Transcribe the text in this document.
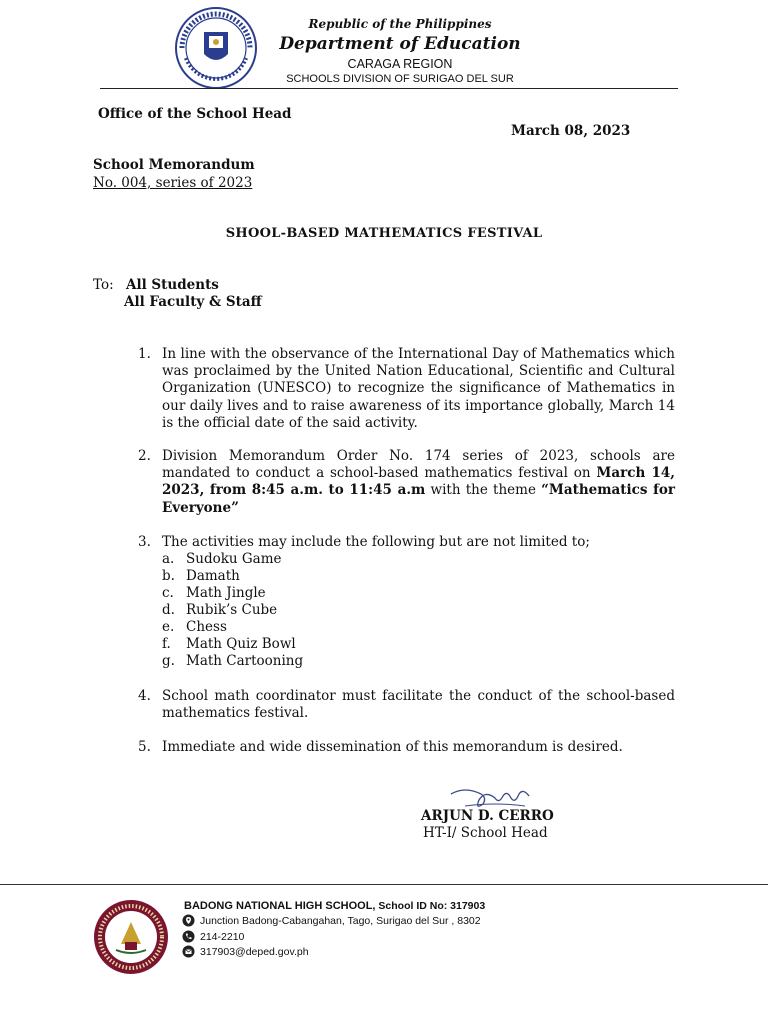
Republic of the Philippines
Department of Education
CARAGA REGION
SCHOOLS DIVISION OF SURIGAO DEL SUR
Office of the School Head
March 08, 2023
School Memorandum
No. 004, series of 2023
SHOOL-BASED MATHEMATICS FESTIVAL
To: All Students
All Faculty & Staff
1. In line with the observance of the International Day of Mathematics which was proclaimed by the United Nation Educational, Scientific and Cultural Organization (UNESCO) to recognize the significance of Mathematics in our daily lives and to raise awareness of its importance globally, March 14 is the official date of the said activity.
2. Division Memorandum Order No. 174 series of 2023, schools are mandated to conduct a school-based mathematics festival on March 14, 2023, from 8:45 a.m. to 11:45 a.m with the theme “Mathematics for Everyone”
3. The activities may include the following but are not limited to;
a. Sudoku Game
b. Damath
c. Math Jingle
d. Rubik’s Cube
e. Chess
f. Math Quiz Bowl
g. Math Cartooning
4. School math coordinator must facilitate the conduct of the school-based mathematics festival.
5. Immediate and wide dissemination of this memorandum is desired.
ARJUN D. CERRO
HT-I/ School Head
BADONG NATIONAL HIGH SCHOOL, School ID No: 317903
Junction Badong-Cabangahan, Tago, Surigao del Sur , 8302
214-2210
317903@deped.gov.ph
